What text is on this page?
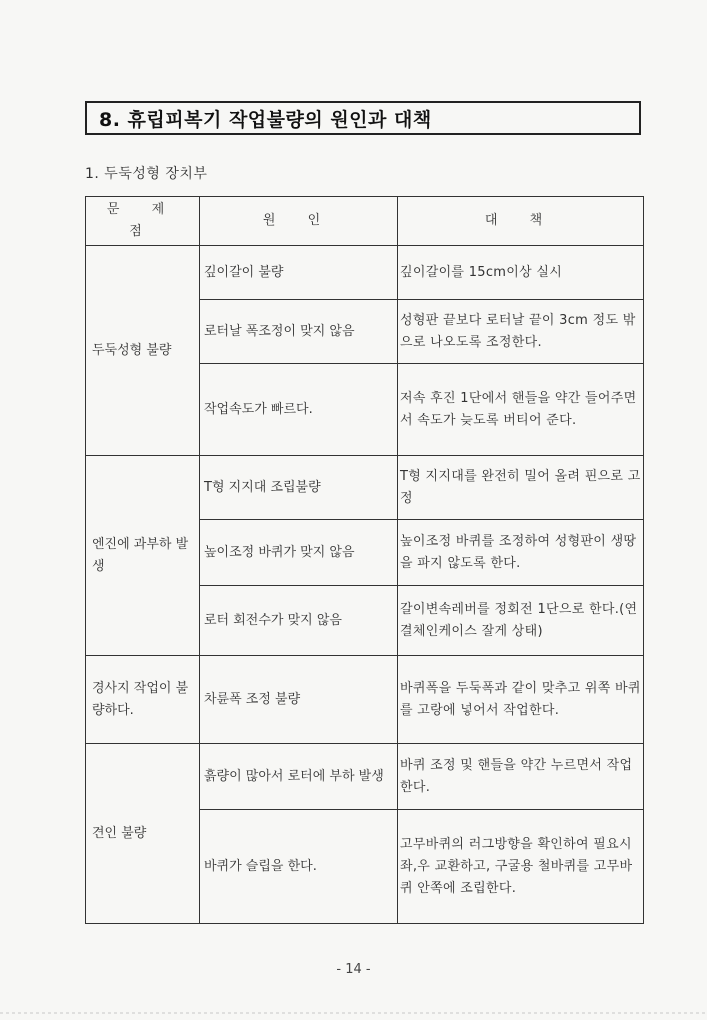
8. 휴립피복기 작업불량의 원인과 대책
1. 두둑성형 장치부
문 제 점	원 인	대 책
두둑성형 불량	깊이갈이 불량	깊이갈이를 15cm이상 실시
	로터날 폭조정이 맞지 않음	성형판 끝보다 로터날 끝이 3cm 정도 밖으로 나오도록 조정한다.
	작업속도가 빠르다.	저속 후진 1단에서 핸들을 약간 들어주면서 속도가 늦도록 버티어 준다.
엔진에 과부하 발생	T형 지지대 조립불량	T형 지지대를 완전히 밀어 올려 핀으로 고정
	높이조정 바퀴가 맞지 않음	높이조정 바퀴를 조정하여 성형판이 생땅을 파지 않도록 한다.
	로터 회전수가 맞지 않음	갈이변속레버를 정회전 1단으로 한다.(연결체인케이스 잘게 상태)
경사지 작업이 불량하다.	차륜폭 조정 불량	바퀴폭을 두둑폭과 같이 맞추고 위쪽 바퀴를 고랑에 넣어서 작업한다.
견인 불량	흙량이 많아서 로터에 부하 발생	바퀴 조정 및 핸들을 약간 누르면서 작업한다.
	바퀴가 슬립을 한다.	고무바퀴의 러그방향을 확인하여 필요시 좌,우 교환하고, 구굴용 철바퀴를 고무바퀴 안쪽에 조립한다.
- 14 -
